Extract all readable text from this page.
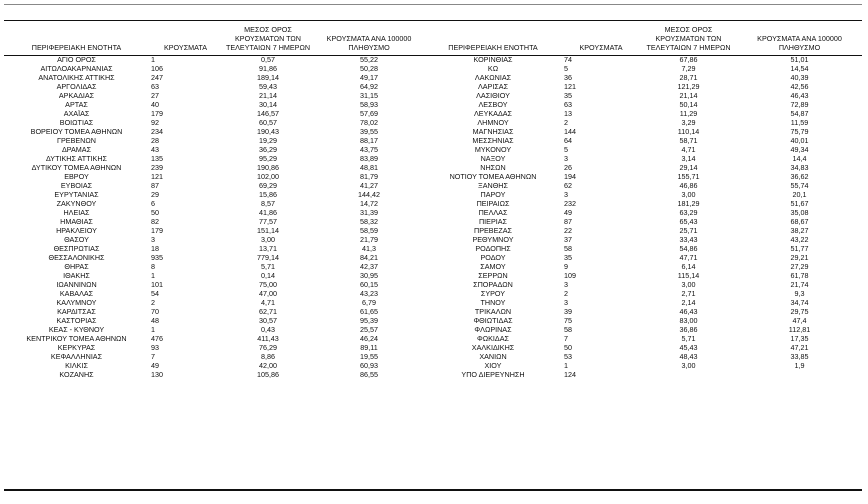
ΠΕΡΙΦΕΡΕΙΑΚΗ ΕΝΟΤΗΤΑ	ΚΡΟΥΣΜΑΤΑ	ΜΕΣΟΣ ΟΡΟΣ ΚΡΟΥΣΜΑΤΩΝ ΤΩΝ ΤΕΛΕΥΤΑΙΩΝ 7 ΗΜΕΡΩΝ	ΚΡΟΥΣΜΑΤΑ ΑΝΑ 100000 ΠΛΗΘΥΣΜΟ	ΠΕΡΙΦΕΡΕΙΑΚΗ ΕΝΟΤΗΤΑ	ΚΡΟΥΣΜΑΤΑ	ΜΕΣΟΣ ΟΡΟΣ ΚΡΟΥΣΜΑΤΩΝ ΤΩΝ ΤΕΛΕΥΤΑΙΩΝ 7 ΗΜΕΡΩΝ	ΚΡΟΥΣΜΑΤΑ ΑΝΑ 100000 ΠΛΗΘΥΣΜΟ
ΑΓΙΟ ΟΡΟΣ	1	0,57	55,22	ΚΟΡΙΝΘΙΑΣ	74	67,86	51,01
ΑΙΤΩΛΟΑΚΑΡΝΑΝΙΑΣ	106	91,86	50,28	ΚΩ	5	7,29	14,54
ΑΝΑΤΟΛΙΚΗΣ ΑΤΤΙΚΗΣ	247	189,14	49,17	ΛΑΚΩΝΙΑΣ	36	28,71	40,39
ΑΡΓΟΛΙΔΑΣ	63	59,43	64,92	ΛΑΡΙΣΑΣ	121	121,29	42,56
ΑΡΚΑΔΙΑΣ	27	21,14	31,15	ΛΑΣΙΘΙΟΥ	35	21,14	46,43
ΑΡΤΑΣ	40	30,14	58,93	ΛΕΣΒΟΥ	63	50,14	72,89
ΑΧΑΪΑΣ	179	146,57	57,69	ΛΕΥΚΑΔΑΣ	13	11,29	54,87
ΒΟΙΩΤΙΑΣ	92	60,57	78,02	ΛΗΜΝΟΥ	2	3,29	11,59
ΒΟΡΕΙΟΥ ΤΟΜΕΑ ΑΘΗΝΩΝ	234	190,43	39,55	ΜΑΓΝΗΣΙΑΣ	144	110,14	75,79
ΓΡΕΒΕΝΩΝ	28	19,29	88,17	ΜΕΣΣΗΝΙΑΣ	64	58,71	40,01
ΔΡΑΜΑΣ	43	36,29	43,75	ΜΥΚΟΝΟΥ	5	4,71	49,34
ΔΥΤΙΚΗΣ ΑΤΤΙΚΗΣ	135	95,29	83,89	ΝΑΞΟΥ	3	3,14	14,4
ΔΥΤΙΚΟΥ ΤΟΜΕΑ ΑΘΗΝΩΝ	239	190,86	48,81	ΝΗΣΩΝ	26	29,14	34,83
ΕΒΡΟΥ	121	102,00	81,79	ΝΟΤΙΟΥ ΤΟΜΕΑ ΑΘΗΝΩΝ	194	155,71	36,62
ΕΥΒΟΙΑΣ	87	69,29	41,27	ΞΑΝΘΗΣ	62	46,86	55,74
ΕΥΡΥΤΑΝΙΑΣ	29	15,86	144,42	ΠΑΡΟΥ	3	3,00	20,1
ΖΑΚΥΝΘΟΥ	6	8,57	14,72	ΠΕΙΡΑΙΩΣ	232	181,29	51,67
ΗΛΕΙΑΣ	50	41,86	31,39	ΠΕΛΛΑΣ	49	63,29	35,08
ΗΜΑΘΙΑΣ	82	77,57	58,32	ΠΙΕΡΙΑΣ	87	65,43	68,67
ΗΡΑΚΛΕΙΟΥ	179	151,14	58,59	ΠΡΕΒΕΖΑΣ	22	25,71	38,27
ΘΑΣΟΥ	3	3,00	21,79	ΡΕΘΥΜΝΟΥ	37	33,43	43,22
ΘΕΣΠΡΩΤΙΑΣ	18	13,71	41,3	ΡΟΔΟΠΗΣ	58	54,86	51,77
ΘΕΣΣΑΛΟΝΙΚΗΣ	935	779,14	84,21	ΡΟΔΟΥ	35	47,71	29,21
ΘΗΡΑΣ	8	5,71	42,37	ΣΑΜΟΥ	9	6,14	27,29
ΙΘΑΚΗΣ	1	0,14	30,95	ΣΕΡΡΩΝ	109	115,14	61,78
ΙΩΑΝΝΙΝΩΝ	101	75,00	60,15	ΣΠΟΡΑΔΩΝ	3	3,00	21,74
ΚΑΒΑΛΑΣ	54	47,00	43,23	ΣΥΡΟΥ	2	2,71	9,3
ΚΑΛΥΜΝΟΥ	2	4,71	6,79	ΤΗΝΟΥ	3	2,14	34,74
ΚΑΡΔΙΤΣΑΣ	70	62,71	61,65	ΤΡΙΚΑΛΩΝ	39	46,43	29,75
ΚΑΣΤΟΡΙΑΣ	48	30,57	95,39	ΦΘΙΩΤΙΔΑΣ	75	83,00	47,4
ΚΕΑΣ - ΚΥΘΝΟΥ	1	0,43	25,57	ΦΛΩΡΙΝΑΣ	58	36,86	112,81
ΚΕΝΤΡΙΚΟΥ ΤΟΜΕΑ ΑΘΗΝΩΝ	476	411,43	46,24	ΦΩΚΙΔΑΣ	7	5,71	17,35
ΚΕΡΚΥΡΑΣ	93	76,29	89,11	ΧΑΛΚΙΔΙΚΗΣ	50	45,43	47,21
ΚΕΦΑΛΛΗΝΙΑΣ	7	8,86	19,55	ΧΑΝΙΩΝ	53	48,43	33,85
ΚΙΛΚΙΣ	49	42,00	60,93	ΧΙΟΥ	1	3,00	1,9
ΚΟΖΑΝΗΣ	130	105,86	86,55	ΥΠΟ ΔΙΕΡΕΥΝΗΣΗ	124		
